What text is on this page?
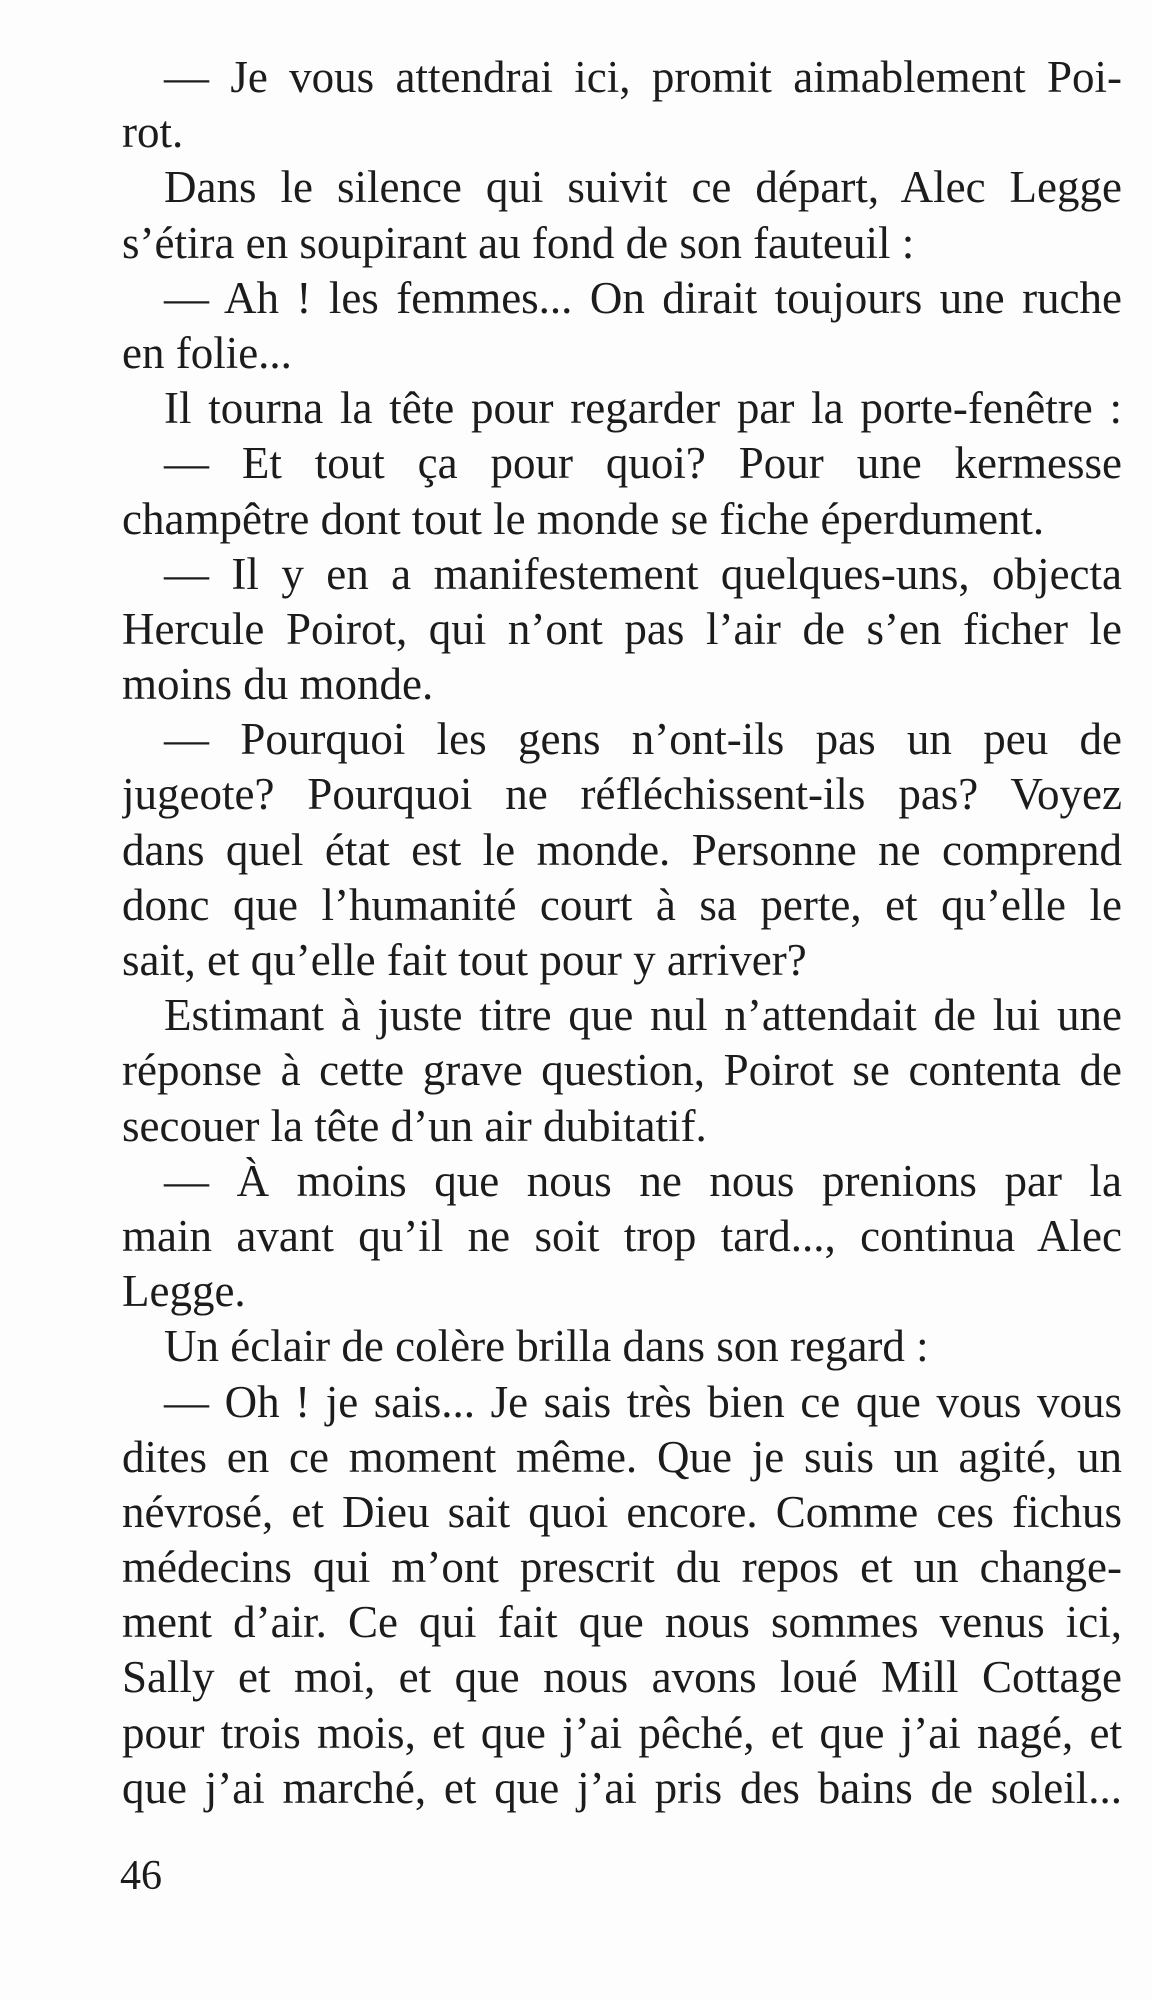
— Je vous attendrai ici, promit aimablement Poi-
rot.
Dans le silence qui suivit ce départ, Alec Legge
s’étira en soupirant au fond de son fauteuil :
— Ah ! les femmes... On dirait toujours une ruche
en folie...
Il tourna la tête pour regarder par la porte-fenêtre :
— Et tout ça pour quoi? Pour une kermesse
champêtre dont tout le monde se fiche éperdument.
— Il y en a manifestement quelques-uns, objecta
Hercule Poirot, qui n’ont pas l’air de s’en ficher le
moins du monde.
— Pourquoi les gens n’ont-ils pas un peu de
jugeote? Pourquoi ne réfléchissent-ils pas? Voyez
dans quel état est le monde. Personne ne comprend
donc que l’humanité court à sa perte, et qu’elle le
sait, et qu’elle fait tout pour y arriver?
Estimant à juste titre que nul n’attendait de lui une
réponse à cette grave question, Poirot se contenta de
secouer la tête d’un air dubitatif.
— À moins que nous ne nous prenions par la
main avant qu’il ne soit trop tard..., continua Alec
Legge.
Un éclair de colère brilla dans son regard :
— Oh ! je sais... Je sais très bien ce que vous vous
dites en ce moment même. Que je suis un agité, un
névrosé, et Dieu sait quoi encore. Comme ces fichus
médecins qui m’ont prescrit du repos et un change-
ment d’air. Ce qui fait que nous sommes venus ici,
Sally et moi, et que nous avons loué Mill Cottage
pour trois mois, et que j’ai pêché, et que j’ai nagé, et
que j’ai marché, et que j’ai pris des bains de soleil...
46
